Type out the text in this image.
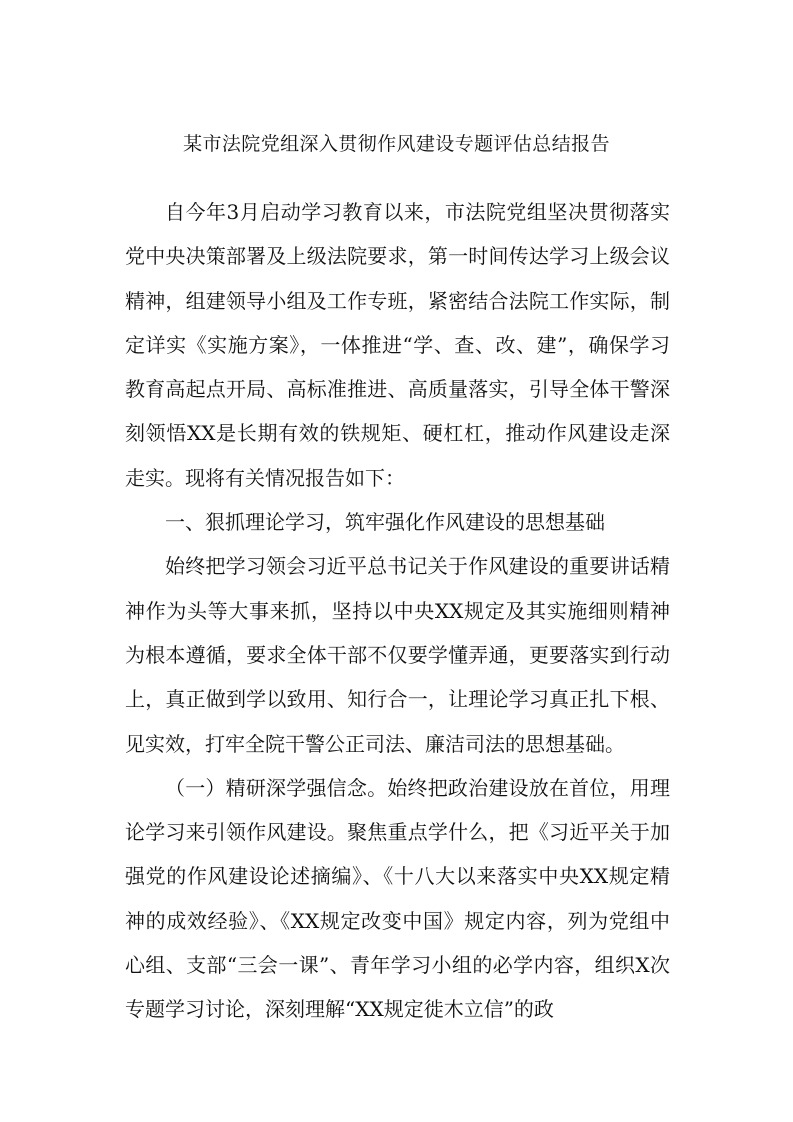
某市法院党组深入贯彻作风建设专题评估总结报告

自今年3月启动学习教育以来，市法院党组坚决贯彻落实党中央决策部署及上级法院要求，第一时间传达学习上级会议精神，组建领导小组及工作专班，紧密结合法院工作实际，制定详实《实施方案》，一体推进“学、查、改、建”，确保学习教育高起点开局、高标准推进、高质量落实，引导全体干警深刻领悟XX是长期有效的铁规矩、硬杠杠，推动作风建设走深走实。现将有关情况报告如下：

一、狠抓理论学习，筑牢强化作风建设的思想基础

始终把学习领会习近平总书记关于作风建设的重要讲话精神作为头等大事来抓，坚持以中央XX规定及其实施细则精神为根本遵循，要求全体干部不仅要学懂弄通，更要落实到行动上，真正做到学以致用、知行合一，让理论学习真正扎下根、见实效，打牢全院干警公正司法、廉洁司法的思想基础。

（一）精研深学强信念。始终把政治建设放在首位，用理论学习来引领作风建设。聚焦重点学什么，把《习近平关于加强党的作风建设论述摘编》、《十八大以来落实中央XX规定精神的成效经验》、《XX规定改变中国》规定内容，列为党组中心组、支部“三会一课”、青年学习小组的必学内容，组织X次专题学习讨论，深刻理解“XX规定徙木立信”的政
